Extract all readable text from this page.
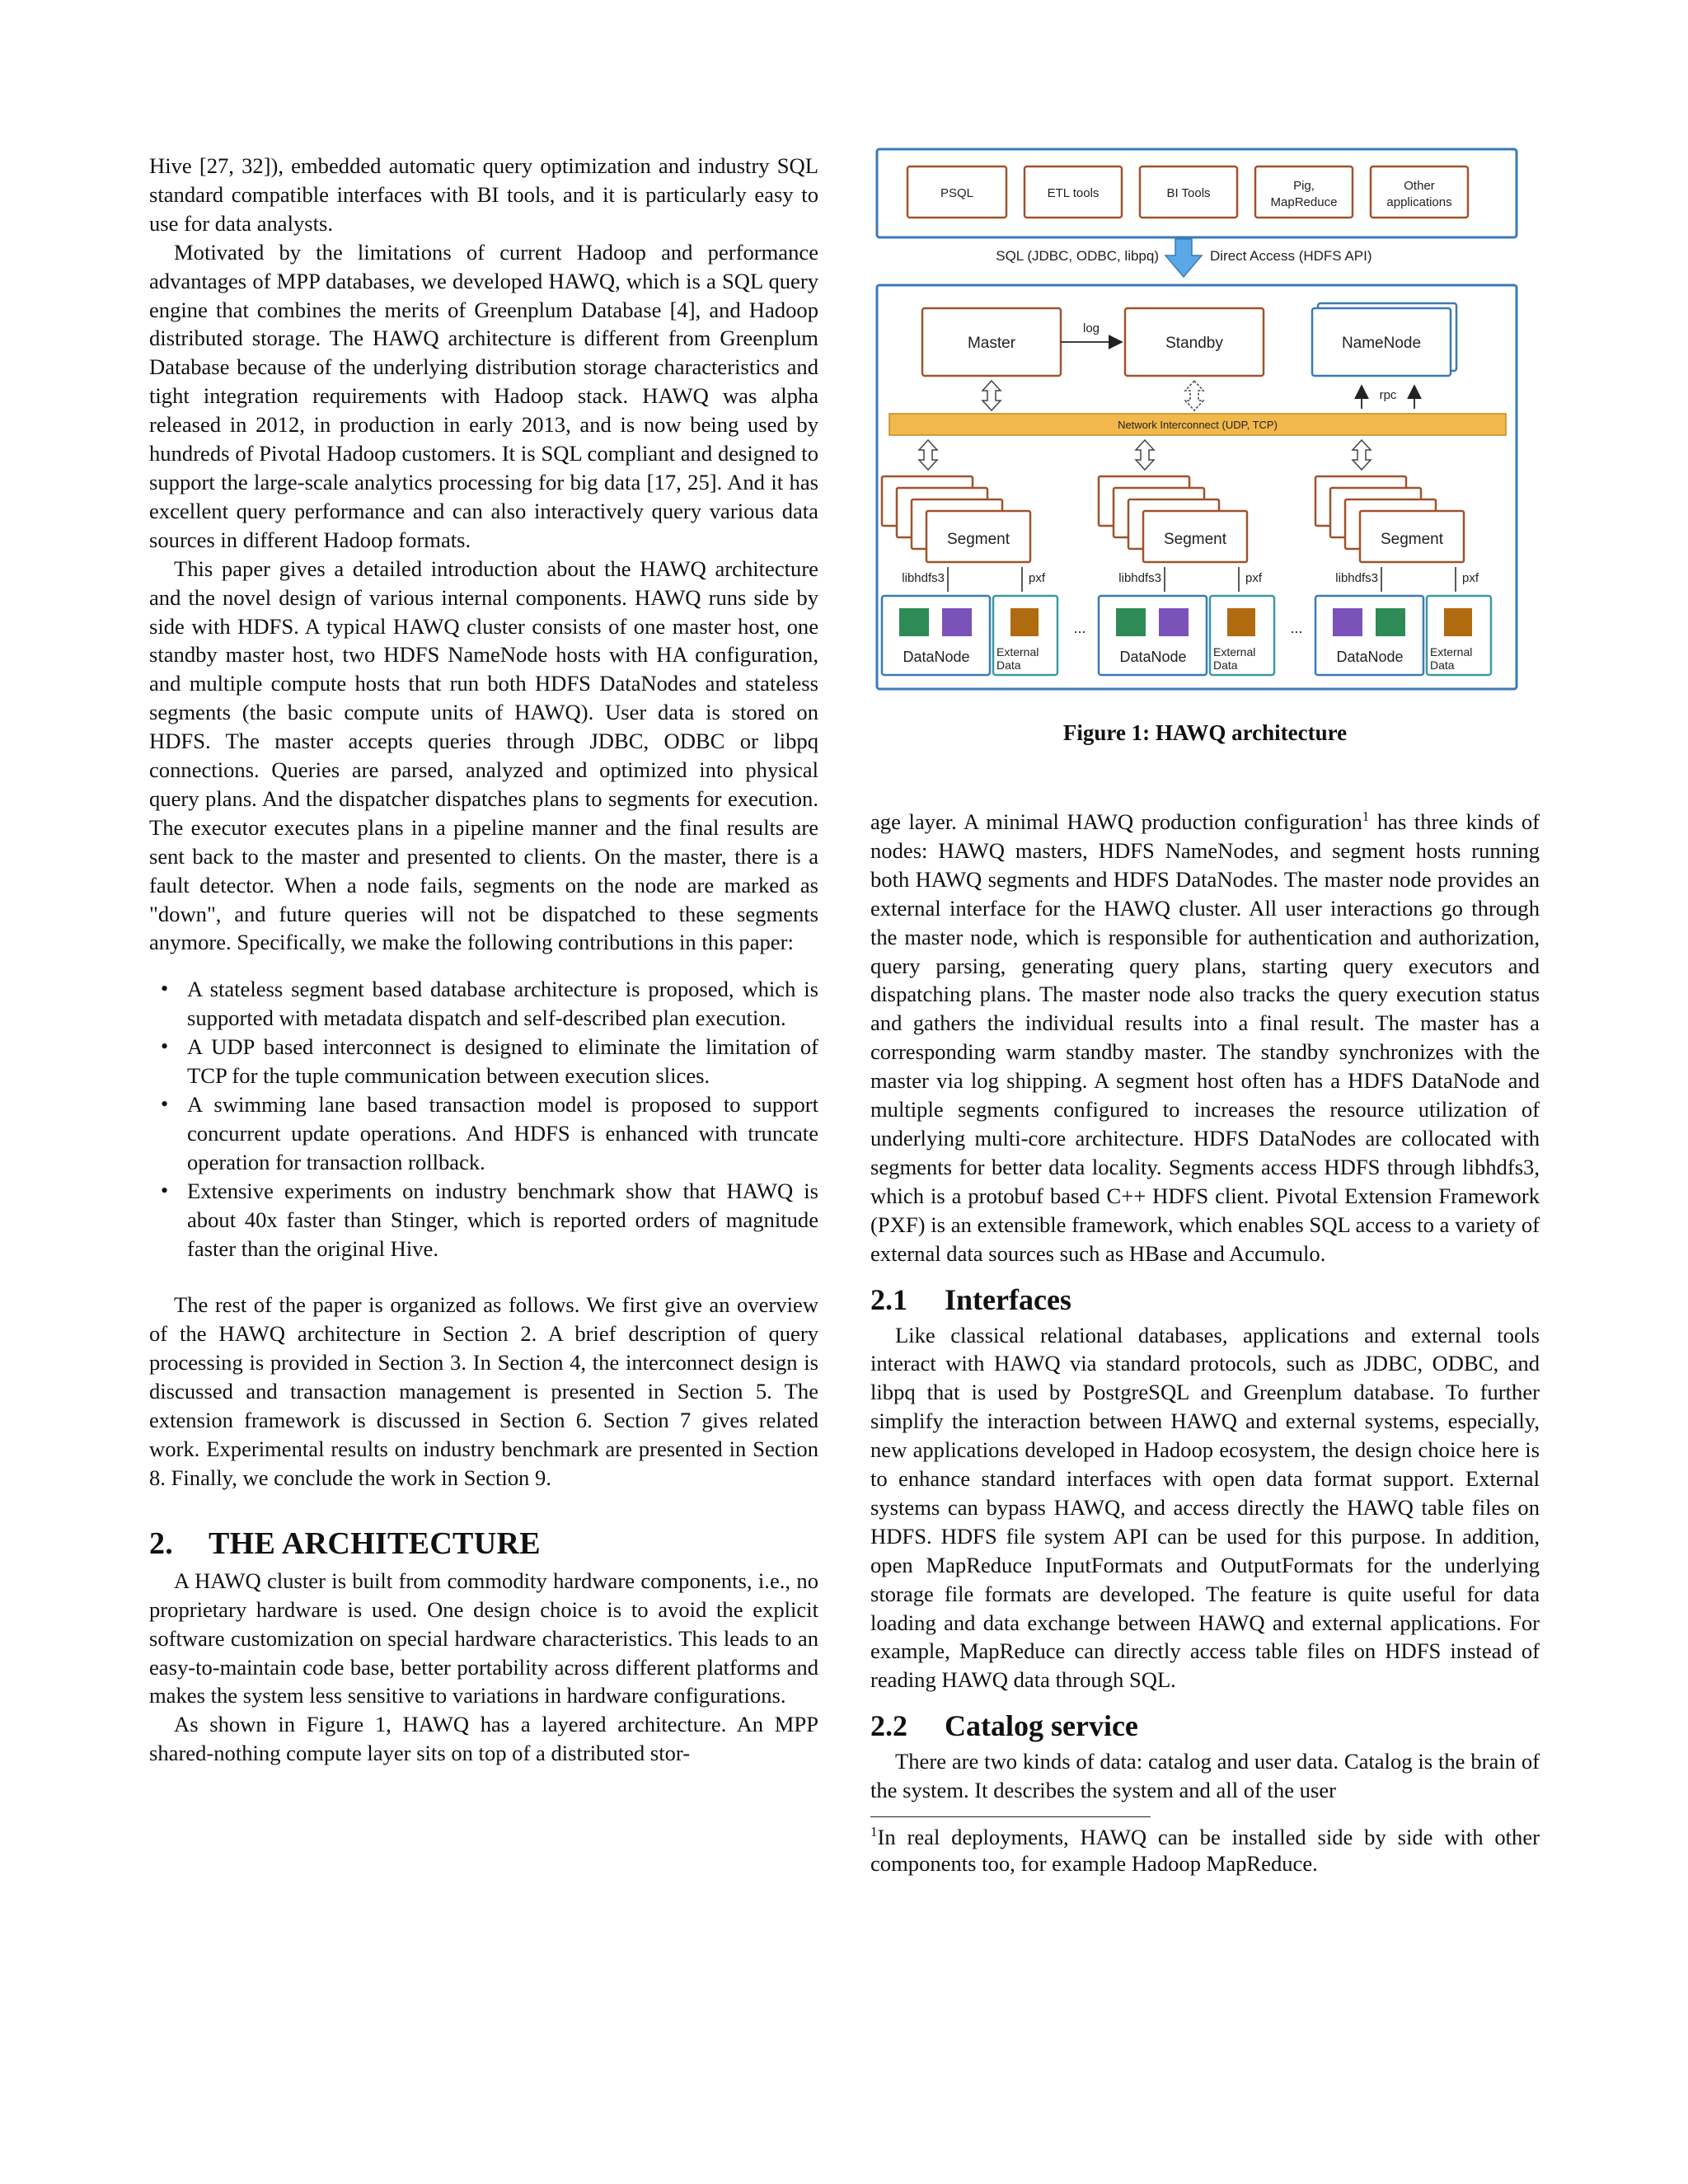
Hive [27, 32]), embedded automatic query optimization and industry SQL standard compatible interfaces with BI tools, and it is particularly easy to use for data analysts.

Motivated by the limitations of current Hadoop and performance advantages of MPP databases, we developed HAWQ, which is a SQL query engine that combines the merits of Greenplum Database [4], and Hadoop distributed storage. The HAWQ architecture is different from Greenplum Database because of the underlying distribution storage characteristics and tight integration requirements with Hadoop stack. HAWQ was alpha released in 2012, in production in early 2013, and is now being used by hundreds of Pivotal Hadoop customers. It is SQL compliant and designed to support the large-scale analytics processing for big data [17, 25]. And it has excellent query performance and can also interactively query various data sources in different Hadoop formats.

This paper gives a detailed introduction about the HAWQ architecture and the novel design of various internal components. HAWQ runs side by side with HDFS. A typical HAWQ cluster consists of one master host, one standby master host, two HDFS NameNode hosts with HA configuration, and multiple compute hosts that run both HDFS DataNodes and stateless segments (the basic compute units of HAWQ). User data is stored on HDFS. The master accepts queries through JDBC, ODBC or libpq connections. Queries are parsed, analyzed and optimized into physical query plans. And the dispatcher dispatches plans to segments for execution. The executor executes plans in a pipeline manner and the final results are sent back to the master and presented to clients. On the master, there is a fault detector. When a node fails, segments on the node are marked as "down", and future queries will not be dispatched to these segments anymore. Specifically, we make the following contributions in this paper:

• A stateless segment based database architecture is proposed, which is supported with metadata dispatch and self-described plan execution.
• A UDP based interconnect is designed to eliminate the limitation of TCP for the tuple communication between execution slices.
• A swimming lane based transaction model is proposed to support concurrent update operations. And HDFS is enhanced with truncate operation for transaction rollback.
• Extensive experiments on industry benchmark show that HAWQ is about 40x faster than Stinger, which is reported orders of magnitude faster than the original Hive.

The rest of the paper is organized as follows. We first give an overview of the HAWQ architecture in Section 2. A brief description of query processing is provided in Section 3. In Section 4, the interconnect design is discussed and transaction management is presented in Section 5. The extension framework is discussed in Section 6. Section 7 gives related work. Experimental results on industry benchmark are presented in Section 8. Finally, we conclude the work in Section 9.

2. THE ARCHITECTURE

A HAWQ cluster is built from commodity hardware components, i.e., no proprietary hardware is used. One design choice is to avoid the explicit software customization on special hardware characteristics. This leads to an easy-to-maintain code base, better portability across different platforms and makes the system less sensitive to variations in hardware configurations.

As shown in Figure 1, HAWQ has a layered architecture. An MPP shared-nothing compute layer sits on top of a distributed stor-

PSQL	ETL tools	BI Tools
Pig,
MapReduce
Other
applications
SQL (JDBC, ODBC, libpq)	Direct Access (HDFS API)
Master	Standby	NameNode
log
rpc
Network Interconnect (UDP, TCP)
Segment
libhdfs3	pxf
DataNode External
Data
...
Segment
libhdfs3	pxf
DataNode External
Data
...
Segment
libhdfs3	pxf
DataNode External
Data
Figure 1: HAWQ architecture

age layer. A minimal HAWQ production configuration$^1$ has three kinds of nodes: HAWQ masters, HDFS NameNodes, and segment hosts running both HAWQ segments and HDFS DataNodes. The master node provides an external interface for the HAWQ cluster. All user interactions go through the master node, which is responsible for authentication and authorization, query parsing, generating query plans, starting query executors and dispatching plans. The master node also tracks the query execution status and gathers the individual results into a final result. The master has a corresponding warm standby master. The standby synchronizes with the master via log shipping. A segment host often has a HDFS DataNode and multiple segments configured to increases the resource utilization of underlying multi-core architecture. HDFS DataNodes are collocated with segments for better data locality. Segments access HDFS through libhdfs3, which is a protobuf based C++ HDFS client. Pivotal Extension Framework (PXF) is an extensible framework, which enables SQL access to a variety of external data sources such as HBase and Accumulo.

2.1 Interfaces

Like classical relational databases, applications and external tools interact with HAWQ via standard protocols, such as JDBC, ODBC, and libpq that is used by PostgreSQL and Greenplum database. To further simplify the interaction between HAWQ and external systems, especially, new applications developed in Hadoop ecosystem, the design choice here is to enhance standard interfaces with open data format support. External systems can bypass HAWQ, and access directly the HAWQ table files on HDFS. HDFS file system API can be used for this purpose. In addition, open MapReduce InputFormats and OutputFormats for the underlying storage file formats are developed. The feature is quite useful for data loading and data exchange between HAWQ and external applications. For example, MapReduce can directly access table files on HDFS instead of reading HAWQ data through SQL.

2.2 Catalog service

There are two kinds of data: catalog and user data. Catalog is the brain of the system. It describes the system and all of the user

$^1$In real deployments, HAWQ can be installed side by side with other components too, for example Hadoop MapReduce.
